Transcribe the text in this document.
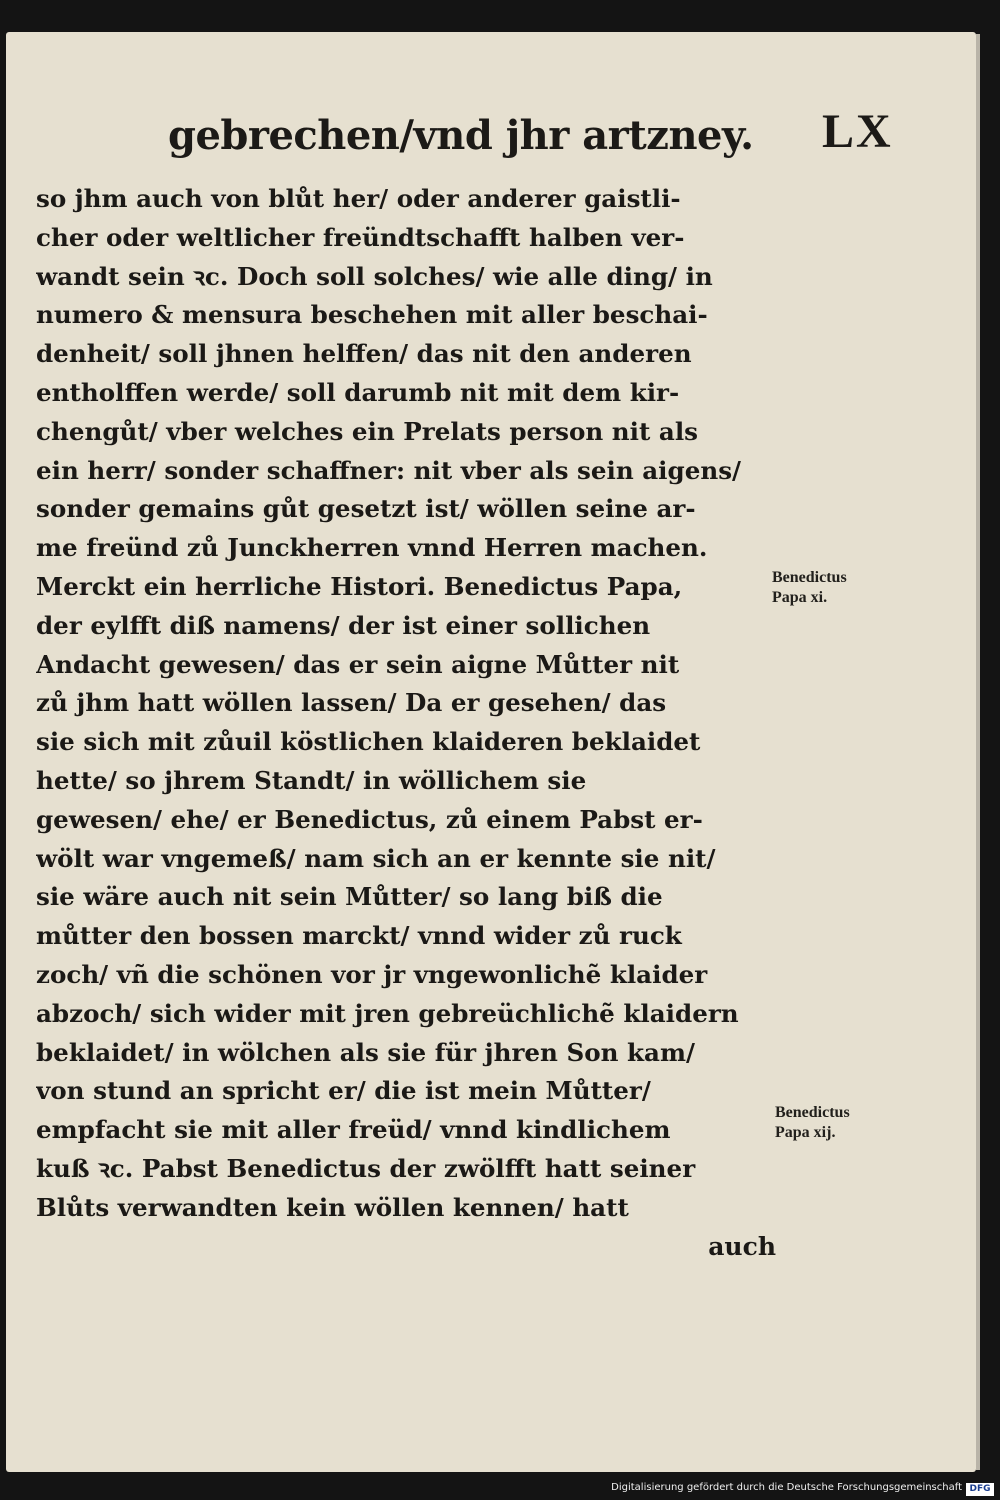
gebrechen/vnd jhr artzney. LX
so jhm auch von blůt her/ oder anderer gaistli-
cher oder weltlicher freündtschafft halben ver-
wandt sein ꝛc. Doch soll solches/ wie alle ding/ in
numero & mensura beschehen mit aller beschai-
denheit/ soll jhnen helffen/ das nit den anderen
entholffen werde/ soll darumb nit mit dem kir-
chengůt/ vber welches ein Prelats person nit als
ein herr/ sonder schaffner: nit vber als sein aigens/
sonder gemains gůt gesetzt ist/ wöllen seine ar-
me freünd zů Junckherren vnnd Herren machen.
Merckt ein herrliche Histori. Benedictus Papa,
der eylfft diß namens/ der ist einer sollichen
Andacht gewesen/ das er sein aigne Můtter nit
zů jhm hatt wöllen lassen/ Da er gesehen/ das
sie sich mit zůuil köstlichen klaideren beklaidet
hette/ so jhrem Standt/ in wöllichem sie
gewesen/ ehe/ er Benedictus, zů einem Pabst er-
wölt war vngemeß/ nam sich an er kennte sie nit/
sie wäre auch nit sein Můtter/ so lang biß die
můtter den bossen marckt/ vnnd wider zů ruck
zoch/ vñ die schönen vor jr vngewonlichẽ klaider
abzoch/ sich wider mit jren gebreüchlichẽ klaidern
beklaidet/ in wölchen als sie für jhren Son kam/
von stund an spricht er/ die ist mein Můtter/
empfacht sie mit aller freüd/ vnnd kindlichem
kuß ꝛc. Pabst Benedictus der zwölfft hatt seiner
Blůts verwandten kein wöllen kennen/ hatt
auch
Benedictus
Papa xi.
Benedictus
Papa xij.
Digitalisierung gefördert durch die Deutsche Forschungsgemeinschaft DFG
